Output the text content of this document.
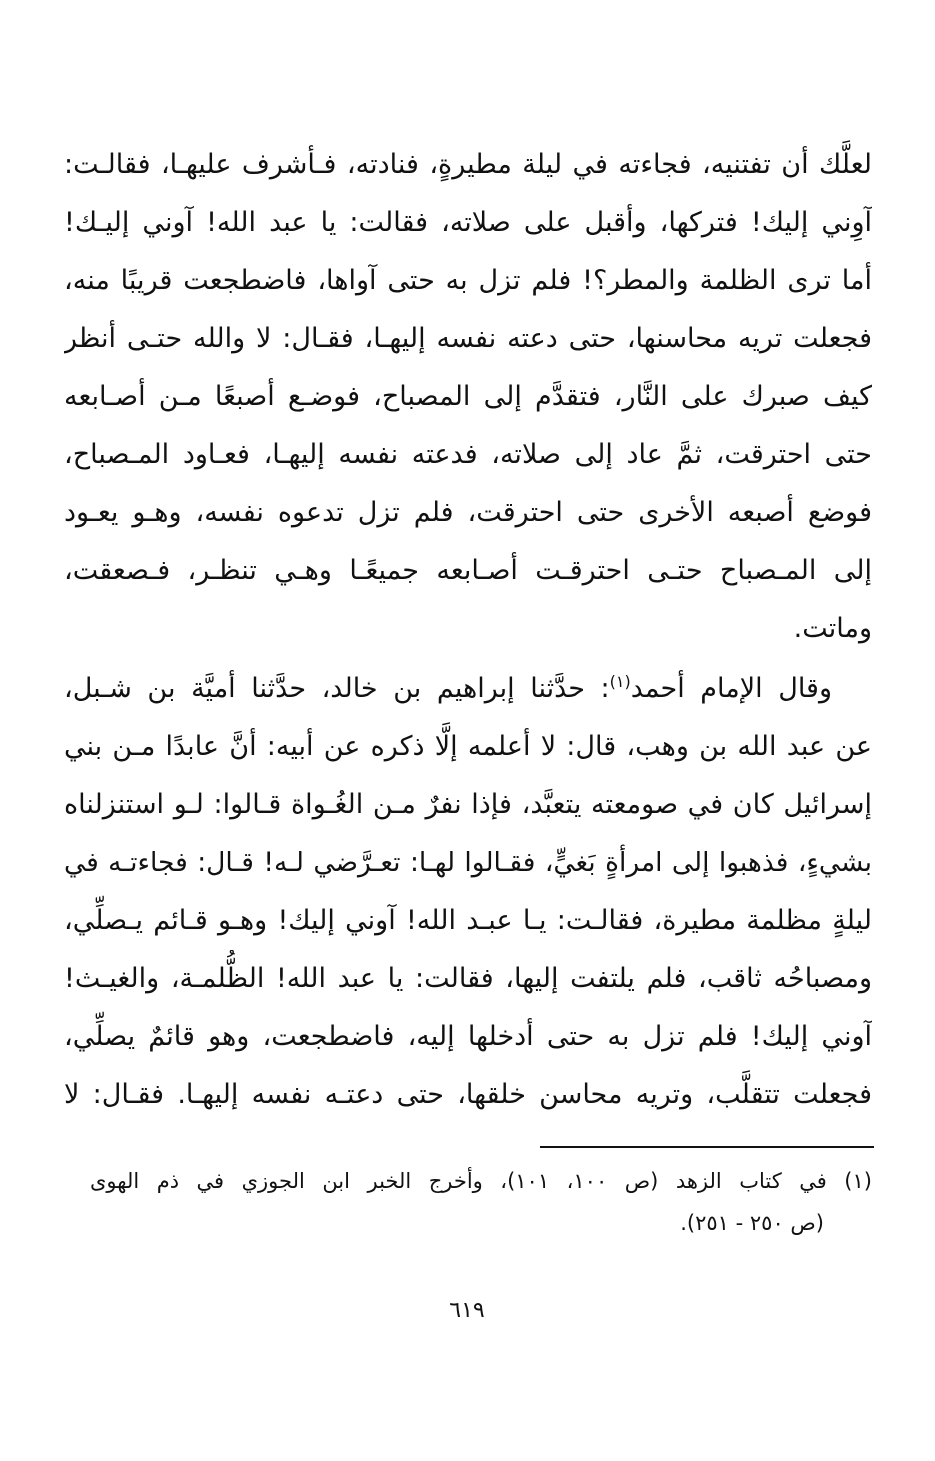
لعلَّك أن تفتنيه، فجاءته في ليلة مطيرةٍ، فنادته، فـأشرف عليهـا، فقالـت:
آوِني إليك! فتركها، وأقبل على صلاته، فقالت: يا عبد الله! آوني إليـك!
أما ترى الظلمة والمطر؟! فلم تزل به حتى آواها، فاضطجعت قريبًا منه،
فجعلت تريه محاسنها، حتى دعته نفسه إليهـا، فقـال: لا والله حتـى أنظر
كيف صبرك على النَّار، فتقدَّم إلى المصباح، فوضـع أصبعًا مـن أصـابعه
حتى احترقت، ثمَّ عاد إلى صلاته، فدعته نفسه إليهـا، فعـاود المـصباح،
فوضع أصبعه الأخرى حتى احترقت، فلم تزل تدعوه نفسه، وهـو يعـود
إلى المـصباح حتـى احترقـت أصـابعه جميعًـا وهـي تنظـر، فـصعقت،
وماتت.
وقال الإمام أحمد$^{(١)}$: حدَّثنا إبراهيم بن خالد، حدَّثنا أميَّة بن شـبل،
عن عبد الله بن وهب، قال: لا أعلمه إلَّا ذكره عن أبيه: أنَّ عابدًا مـن بني
إسرائيل كان في صومعته يتعبَّد، فإذا نفرٌ مـن الغُـواة قـالوا: لـو استنزلناه
بشيءٍ، فذهبوا إلى امرأةٍ بَغيٍّ، فقـالوا لهـا: تعـرَّضي لـه! قـال: فجاءتـه في
ليلةٍ مظلمة مطيرة، فقالـت: يـا عبـد الله! آوني إليك! وهـو قـائم يـصلِّي،
ومصباحُه ثاقب، فلم يلتفت إليها، فقالت: يا عبد الله! الظُّلمـة، والغيـث!
آوني إليك! فلم تزل به حتى أدخلها إليه، فاضطجعت، وهو قائمٌ يصلِّي،
فجعلت تتقلَّب، وتريه محاسن خلقها، حتى دعتـه نفسه إليهـا. فقـال: لا
(١) في كتاب الزهد (ص ١٠٠، ١٠١)، وأخرج الخبر ابن الجوزي في ذم الهوى
(ص ٢٥٠ - ٢٥١).
٦١٩
